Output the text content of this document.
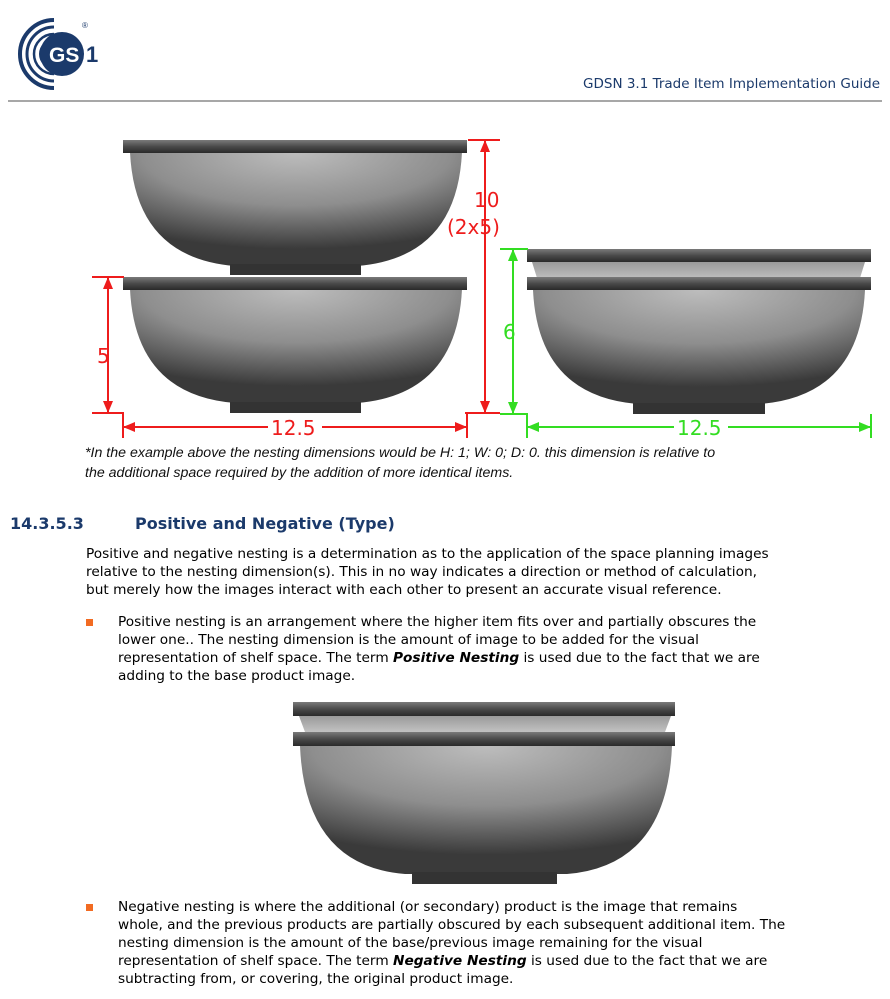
GS 1
®
GDSN 3.1 Trade Item Implementation Guide
10
(2x5)
5
12.5
6
12.5
*In the example above the nesting dimensions would be H: 1; W: 0; D: 0. this dimension is relative to
the additional space required by the addition of more identical items.
14.3.5.3	Positive and Negative (Type)
Positive and negative nesting is a determination as to the application of the space planning images
relative to the nesting dimension(s). This in no way indicates a direction or method of calculation,
but merely how the images interact with each other to present an accurate visual reference.
Positive nesting is an arrangement where the higher item fits over and partially obscures the
lower one.. The nesting dimension is the amount of image to be added for the visual
representation of shelf space. The term Positive Nesting is used due to the fact that we are
adding to the base product image.
Negative nesting is where the additional (or secondary) product is the image that remains
whole, and the previous products are partially obscured by each subsequent additional item. The
nesting dimension is the amount of the base/previous image remaining for the visual
representation of shelf space. The term Negative Nesting is used due to the fact that we are
subtracting from, or covering, the original product image.
